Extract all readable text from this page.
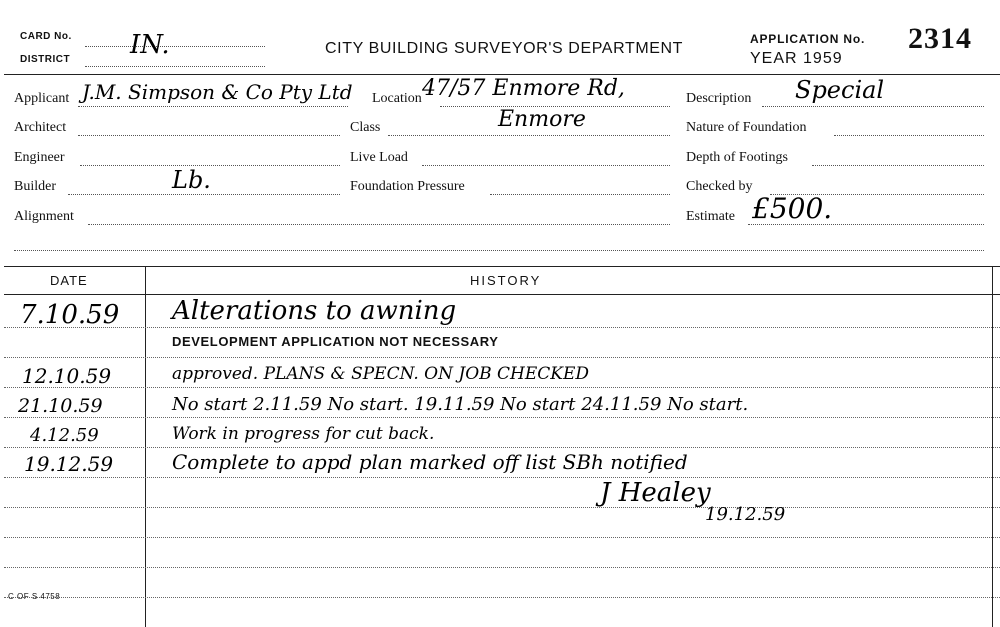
CARD No.
DISTRICT IN.	CITY BUILDING SURVEYOR'S DEPARTMENT
APPLICATION No.
YEAR 1959
2314
Applicant J.M. Simpson & Co Pty Ltd
Architect
Engineer
Builder	Lb.
Alignment
Location 47/57 Enmore Rd,
Enmore
Class
Live Load
Foundation Pressure
Description Special
Nature of Foundation
Depth of Footings
Checked by
Estimate £500.
DATE	HISTORY
7.10.59 Alterations to awning
DEVELOPMENT APPLICATION NOT NECESSARY
12.10.59	approved. PLANS & SPECN. ON JOB CHECKED
21.10.59	No start 2.11.59 No start. 19.11.59 No start 24.11.59 No start.
4.12.59	Work in progress for cut back.
19.12.59	Complete to appd plan marked off list SBh notified
J Healey
19.12.59
C OF S 4758
